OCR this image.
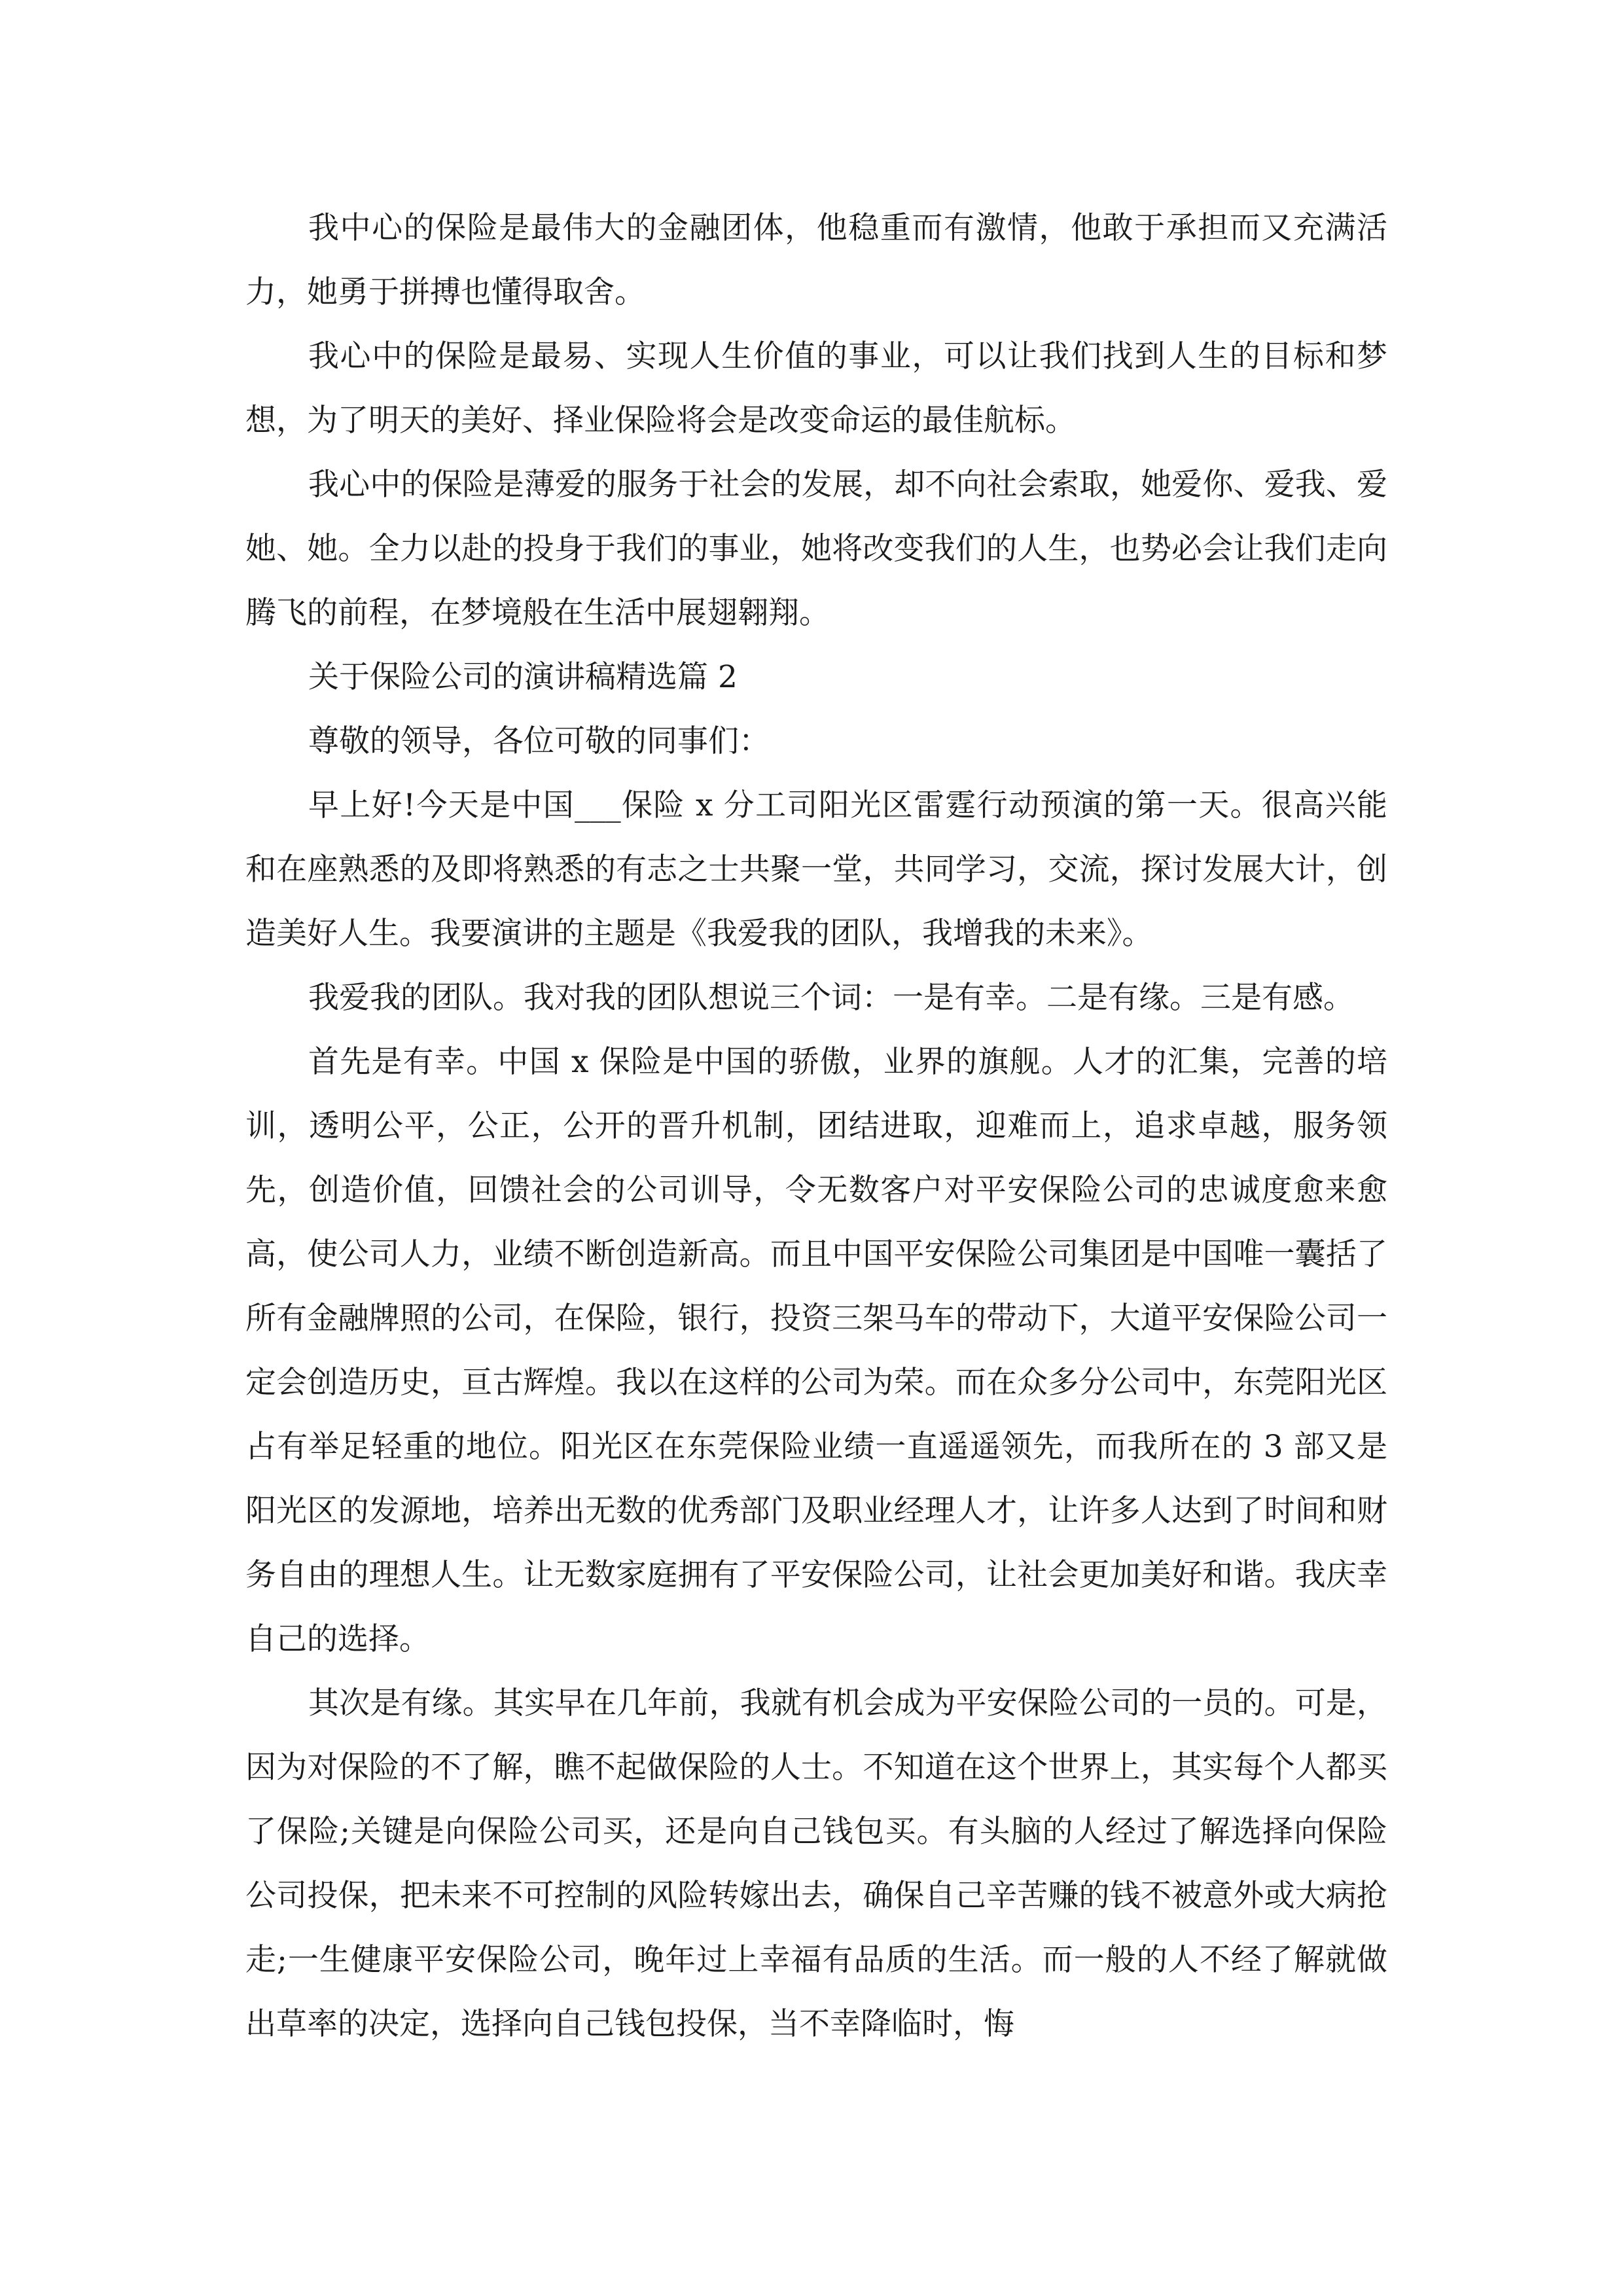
我中心的保险是最伟大的金融团体，他稳重而有激情，他敢于承担而又充满活力，她勇于拼搏也懂得取舍。

我心中的保险是最易、实现人生价值的事业，可以让我们找到人生的目标和梦想，为了明天的美好、择业保险将会是改变命运的最佳航标。

我心中的保险是薄爱的服务于社会的发展，却不向社会索取，她爱你、爱我、爱她、她。全力以赴的投身于我们的事业，她将改变我们的人生，也势必会让我们走向腾飞的前程，在梦境般在生活中展翅翱翔。

关于保险公司的演讲稿精选篇 2

尊敬的领导，各位可敬的同事们：

早上好!今天是中国___保险 x 分工司阳光区雷霆行动预演的第一天。很高兴能和在座熟悉的及即将熟悉的有志之士共聚一堂，共同学习，交流，探讨发展大计，创造美好人生。我要演讲的主题是《我爱我的团队，我增我的未来》。

我爱我的团队。我对我的团队想说三个词：一是有幸。二是有缘。三是有感。

首先是有幸。中国 x 保险是中国的骄傲，业界的旗舰。人才的汇集，完善的培训，透明公平，公正，公开的晋升机制，团结进取，迎难而上，追求卓越，服务领先，创造价值，回馈社会的公司训导，令无数客户对平安保险公司的忠诚度愈来愈高，使公司人力，业绩不断创造新高。而且中国平安保险公司集团是中国唯一囊括了所有金融牌照的公司，在保险，银行，投资三架马车的带动下，大道平安保险公司一定会创造历史，亘古辉煌。我以在这样的公司为荣。而在众多分公司中，东莞阳光区占有举足轻重的地位。阳光区在东莞保险业绩一直遥遥领先，而我所在的 3 部又是阳光区的发源地，培养出无数的优秀部门及职业经理人才，让许多人达到了时间和财务自由的理想人生。让无数家庭拥有了平安保险公司，让社会更加美好和谐。我庆幸自己的选择。

其次是有缘。其实早在几年前，我就有机会成为平安保险公司的一员的。可是，因为对保险的不了解，瞧不起做保险的人士。不知道在这个世界上，其实每个人都买了保险;关键是向保险公司买，还是向自己钱包买。有头脑的人经过了解选择向保险公司投保，把未来不可控制的风险转嫁出去，确保自己辛苦赚的钱不被意外或大病抢走;一生健康平安保险公司，晚年过上幸福有品质的生活。而一般的人不经了解就做出草率的决定，选择向自己钱包投保，当不幸降临时，悔
